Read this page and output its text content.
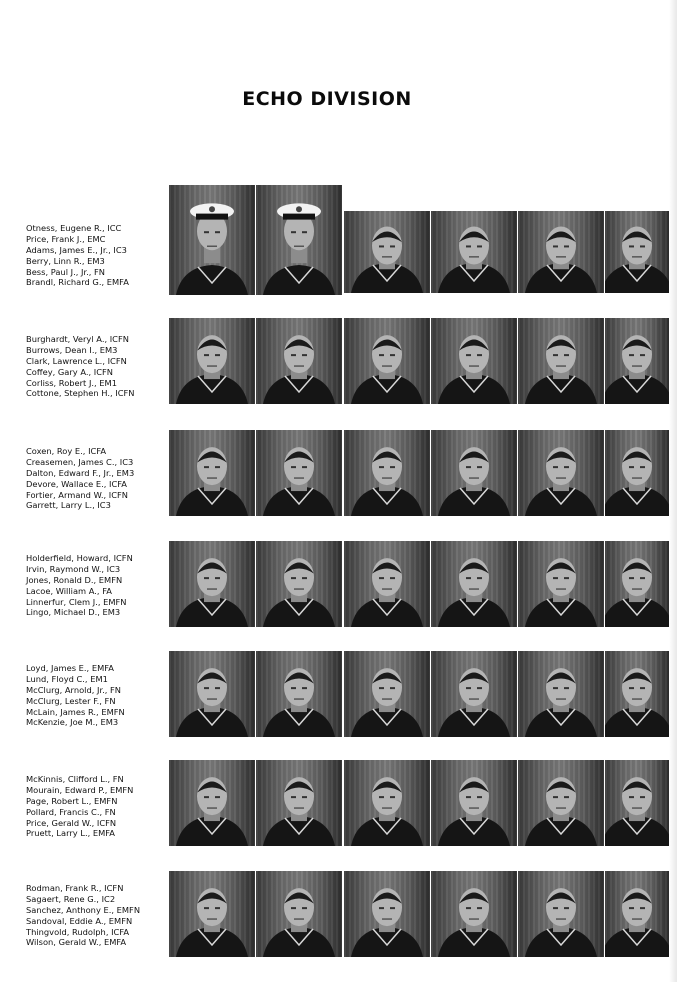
ECHO DIVISION
Otness, Eugene R., ICC
Price, Frank J., EMC
Adams, James E., Jr., IC3
Berry, Linn R., EM3
Bess, Paul J., Jr., FN
Brandl, Richard G., EMFA
Burghardt, Veryl A., ICFN
Burrows, Dean I., EM3
Clark, Lawrence L., ICFN
Coffey, Gary A., ICFN
Corliss, Robert J., EM1
Cottone, Stephen H., ICFN
Coxen, Roy E., ICFA
Creasemen, James C., IC3
Dalton, Edward F., Jr., EM3
Devore, Wallace E., ICFA
Fortier, Armand W., ICFN
Garrett, Larry L., IC3
Holderfield, Howard, ICFN
Irvin, Raymond W., IC3
Jones, Ronald D., EMFN
Lacoe, William A., FA
Linnerfur, Clem J., EMFN
Lingo, Michael D., EM3
Loyd, James E., EMFA
Lund, Floyd C., EM1
McClurg, Arnold, Jr., FN
McClurg, Lester F., FN
McLain, James R., EMFN
McKenzie, Joe M., EM3
McKinnis, Clifford L., FN
Mourain, Edward P., EMFN
Page, Robert L., EMFN
Pollard, Francis C., FN
Price, Gerald W., ICFN
Pruett, Larry L., EMFA
Rodman, Frank R., ICFN
Sagaert, Rene G., IC2
Sanchez, Anthony E., EMFN
Sandoval, Eddie A., EMFN
Thingvold, Rudolph, ICFA
Wilson, Gerald W., EMFA
